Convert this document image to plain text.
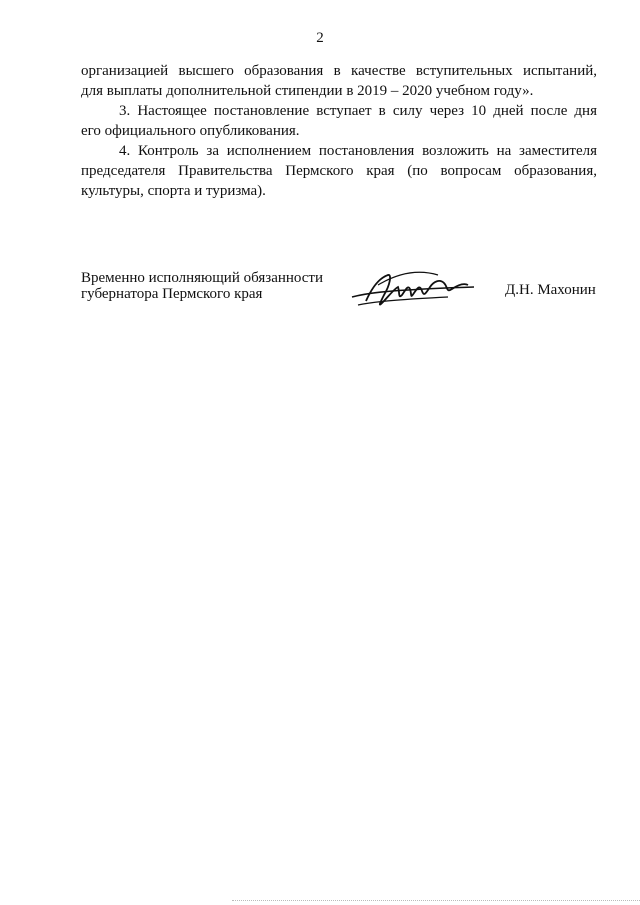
2
организацией высшего образования в качестве вступительных испытаний,
для выплаты дополнительной стипендии в 2019 – 2020 учебном году».
3. Настоящее постановление вступает в силу через 10 дней после дня
его официального опубликования.
4. Контроль за исполнением постановления возложить на заместителя
председателя Правительства Пермского края (по вопросам образования,
культуры, спорта и туризма).
Временно исполняющий обязанности
губернатора Пермского края	Д.Н. Махонин
